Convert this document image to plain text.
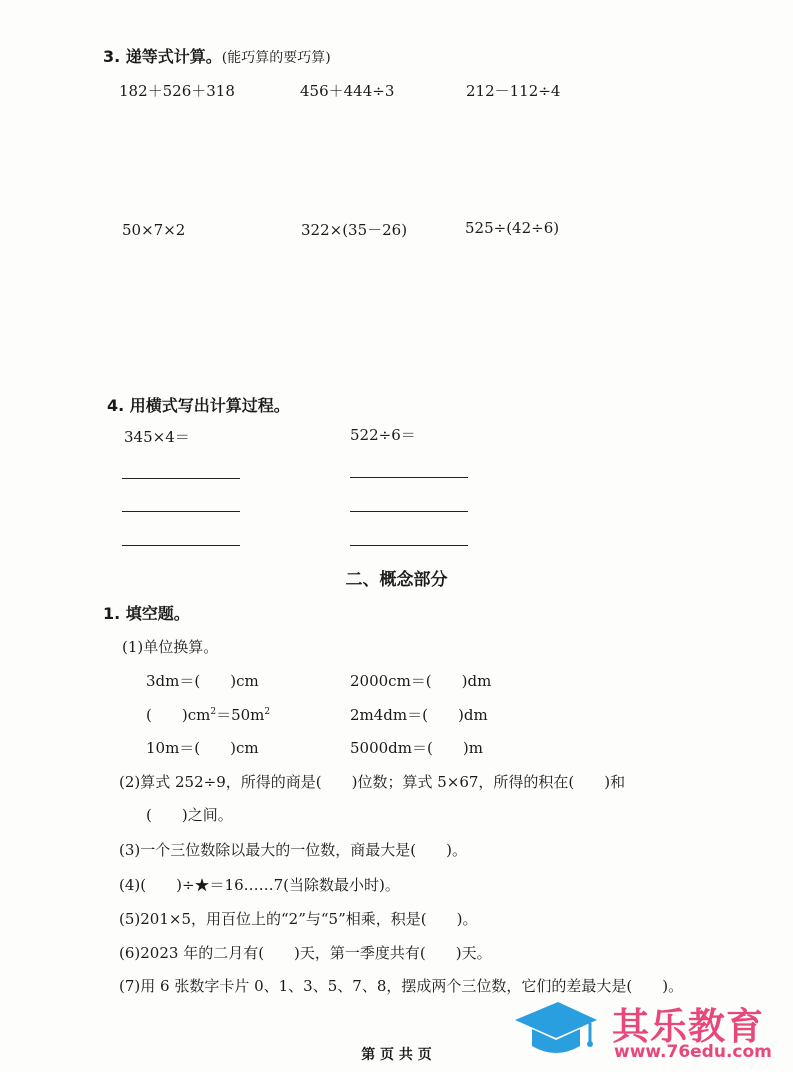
3. 递等式计算。(能巧算的要巧算)
182＋526＋318	456＋444÷3	212－112÷4
50×7×2	322×(35－26)	525÷(42÷6)
4. 用横式写出计算过程。
345×4＝	522÷6＝
二、概念部分
1. 填空题。
(1)单位换算。
3dm＝(　　)cm	2000cm＝(　　)dm
(　　)$cm^2=50m^2$	2m4dm＝(　　)dm
10m＝(　　)cm	5000dm＝(　　)m
(2)算式 252÷9，所得的商是(　　)位数；算式 5×67，所得的积在(　　)和
(　　)之间。
(3)一个三位数除以最大的一位数，商最大是(　　)。
(4)(　　)÷★＝16……7(当除数最小时)。
(5)201×5，用百位上的“2”与“5”相乘，积是(　　)。
(6)2023 年的二月有(　　)天，第一季度共有(　　)天。
(7)用 6 张数字卡片 0、1、3、5、7、8，摆成两个三位数，它们的差最大是(　　)。
第 页 共 页
其乐教育
www.76edu.com
